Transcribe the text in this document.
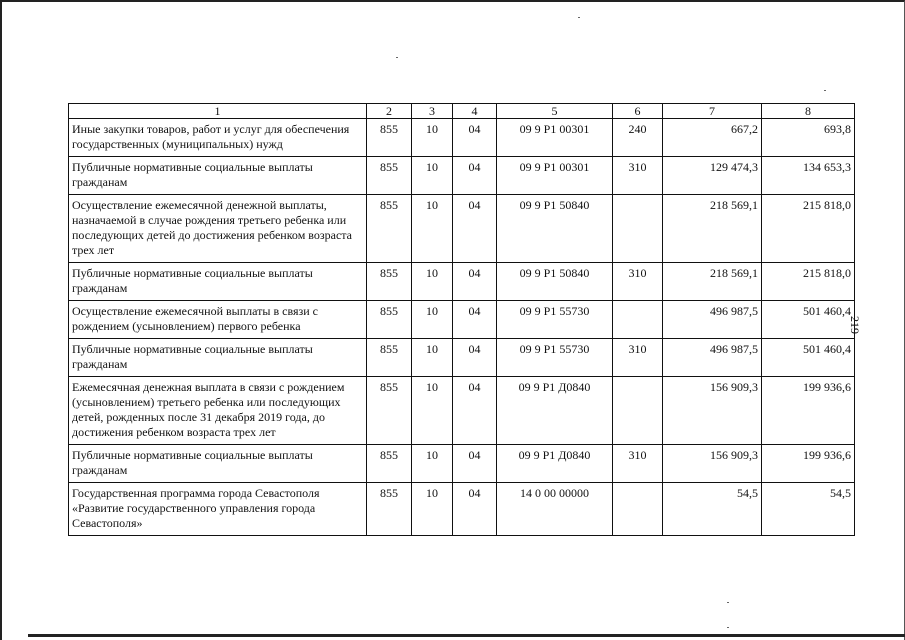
1	2	3	4	5	6	7	8
Иные закупки товаров, работ и услуг для обеспечения государственных (муниципальных) нужд	855	10	04	09 9 Р1 00301	240	667,2	693,8
Публичные нормативные социальные выплаты гражданам	855	10	04	09 9 Р1 00301	310	129 474,3	134 653,3
Осуществление ежемесячной денежной выплаты, назначаемой в случае рождения третьего ребенка или последующих детей до достижения ребенком возраста трех лет	855	10	04	09 9 Р1 50840		218 569,1	215 818,0
Публичные нормативные социальные выплаты гражданам	855	10	04	09 9 Р1 50840	310	218 569,1	215 818,0
Осуществление ежемесячной выплаты в связи с рождением (усыновлением) первого ребенка	855	10	04	09 9 Р1 55730		496 987,5	501 460,4
Публичные нормативные социальные выплаты гражданам	855	10	04	09 9 Р1 55730	310	496 987,5	501 460,4
Ежемесячная денежная выплата в связи с рождением (усыновлением) третьего ребенка или последующих детей, рожденных после 31 декабря 2019 года, до достижения ребенком возраста трех лет	855	10	04	09 9 Р1 Д0840		156 909,3	199 936,6
Публичные нормативные социальные выплаты гражданам	855	10	04	09 9 Р1 Д0840	310	156 909,3	199 936,6
Государственная программа города Севастополя «Развитие государственного управления города Севастополя»	855	10	04	14 0 00 00000		54,5	54,5
219
